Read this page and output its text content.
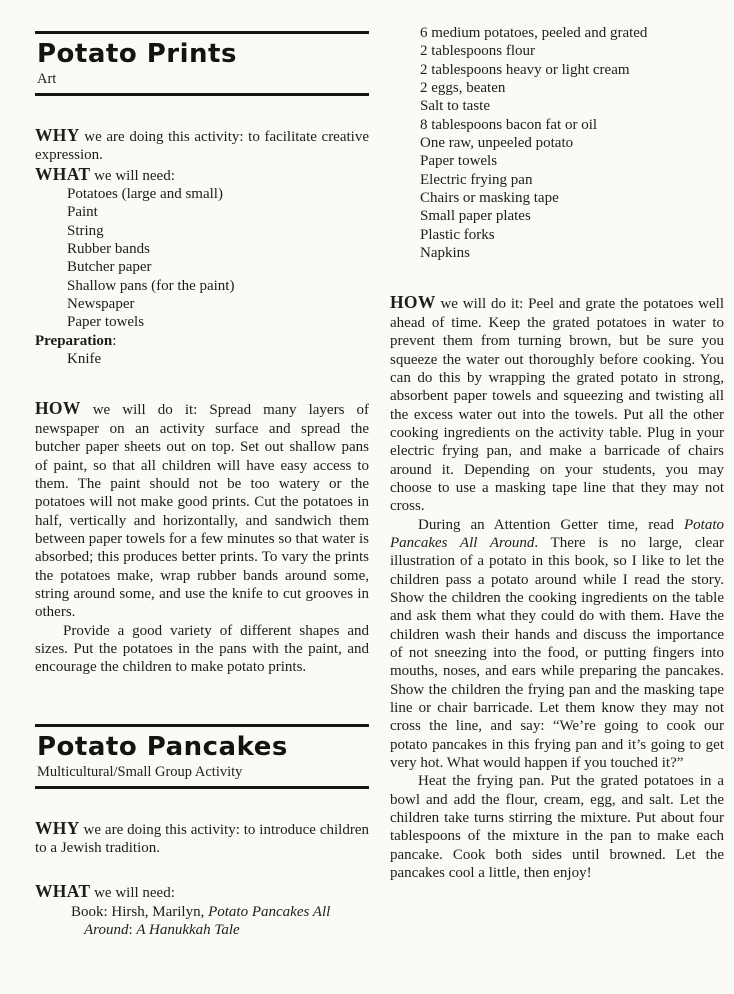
Potato Prints
Art

WHY we are doing this activity: to facilitate creative expression.

WHAT we will need:

Potatoes (large and small)
Paint
String
Rubber bands
Butcher paper
Shallow pans (for the paint)
Newspaper
Paper towels

Preparation:

Knife

HOW we will do it: Spread many layers of newspaper on an activity surface and spread the butcher paper sheets out on top. Set out shallow pans of paint, so that all children will have easy access to them. The paint should not be too watery or the potatoes will not make good prints. Cut the potatoes in half, vertically and horizontally, and sandwich them between paper towels for a few minutes so that water is absorbed; this produces better prints. To vary the prints the potatoes make, wrap rubber bands around some, string around some, and use the knife to cut grooves in others.

Provide a good variety of different shapes and sizes. Put the potatoes in the pans with the paint, and encourage the children to make potato prints.

Potato Pancakes
Multicultural/Small Group Activity

WHY we are doing this activity: to introduce children to a Jewish tradition.

WHAT we will need:

Book: Hirsh, Marilyn, Potato Pancakes All Around: A Hanukkah Tale

6 medium potatoes, peeled and grated
2 tablespoons flour
2 tablespoons heavy or light cream
2 eggs, beaten
Salt to taste
8 tablespoons bacon fat or oil
One raw, unpeeled potato
Paper towels
Electric frying pan
Chairs or masking tape
Small paper plates
Plastic forks
Napkins

HOW we will do it: Peel and grate the potatoes well ahead of time. Keep the grated potatoes in water to prevent them from turning brown, but be sure you squeeze the water out thoroughly before cooking. You can do this by wrapping the grated potato in strong, absorbent paper towels and squeezing and twisting all the excess water out into the towels. Put all the other cooking ingredients on the activity table. Plug in your electric frying pan, and make a barricade of chairs around it. Depending on your students, you may choose to use a masking tape line that they may not cross.

During an Attention Getter time, read Potato Pancakes All Around. There is no large, clear illustration of a potato in this book, so I like to let the children pass a potato around while I read the story. Show the children the cooking ingredients on the table and ask them what they could do with them. Have the children wash their hands and discuss the importance of not sneezing into the food, or putting fingers into mouths, noses, and ears while preparing the pancakes. Show the children the frying pan and the masking tape line or chair barricade. Let them know they may not cross the line, and say: “We’re going to cook our potato pancakes in this frying pan and it’s going to get very hot. What would happen if you touched it?”

Heat the frying pan. Put the grated potatoes in a bowl and add the flour, cream, egg, and salt. Let the children take turns stirring the mixture. Put about four tablespoons of the mixture in the pan to make each pancake. Cook both sides until browned. Let the pancakes cool a little, then enjoy!
